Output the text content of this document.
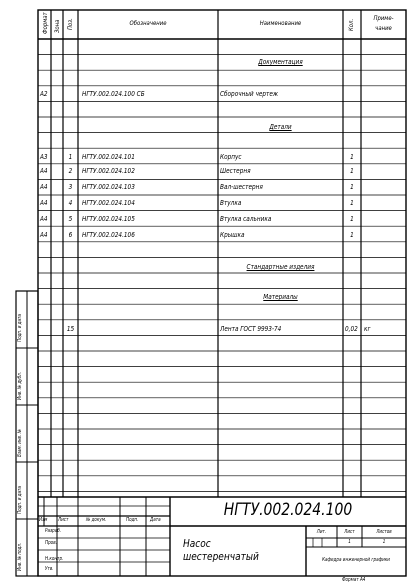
Формат Зона Поз.	Обозначение	Наименование	Кол.
Приме-
чание
Документация
Детали
Стандартные изделия
Материалы
А2	НГТУ.002.024.100 СБ	Сборочный чертеж
А3	1	НГТУ.002.024.101	Корпус	1
А4	2	НГТУ.002.024.102	Шестерня	1
А4	3	НГТУ.002.024.103	Вал-шестерня	1
А4	4	НГТУ.002.024.104	Втулка	1
А4	5	НГТУ.002.024.105	Втулка сальника	1
А4	6	НГТУ.002.024.106	Крышка	1
15	Лента ГОСТ 9993-74	0,02 кг
Подп. и дата
Инв. № дубл.
Взам. инв. №
Подп. и дата
Инв. № подл.
НГТУ.002.024.100
Насос
шестеренчатый
Изм Лист	№ докум.	Подп. Дата
Разраб.
Пров.
Н.контр.
Утв.
Лит.	Лист	Листов
1	1
Кафедра инженерной графики
Формат А4
